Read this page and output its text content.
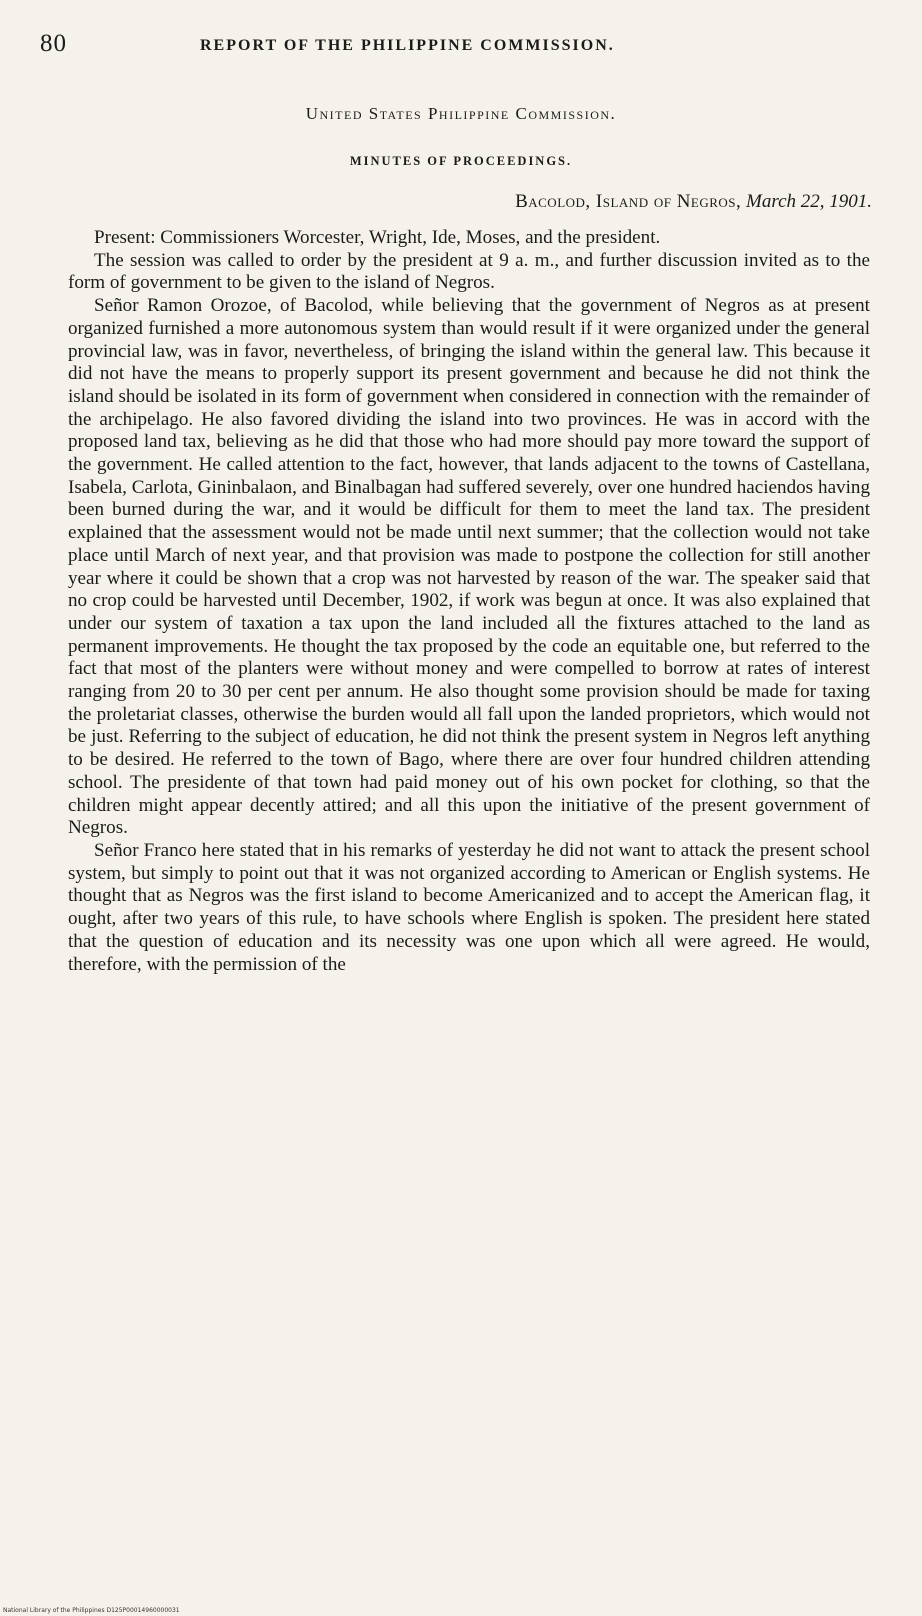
80	REPORT OF THE PHILIPPINE COMMISSION.
United States Philippine Commission.
MINUTES OF PROCEEDINGS.
Bacolod, Island of Negros, March 22, 1901.

Present: Commissioners Worcester, Wright, Ide, Moses, and the president.

The session was called to order by the president at 9 a. m., and further discussion invited as to the form of government to be given to the island of Negros.

Señor Ramon Orozoe, of Bacolod, while believing that the government of Negros as at present organized furnished a more autonomous system than would result if it were organized under the general provincial law, was in favor, nevertheless, of bringing the island within the general law. This because it did not have the means to properly support its present government and because he did not think the island should be isolated in its form of government when considered in connection with the remainder of the archipelago. He also favored dividing the island into two provinces. He was in accord with the proposed land tax, believing as he did that those who had more should pay more toward the support of the government. He called attention to the fact, however, that lands adjacent to the towns of Castellana, Isabela, Carlota, Gininbalaon, and Binalbagan had suffered severely, over one hundred haciendos having been burned during the war, and it would be difficult for them to meet the land tax. The president explained that the assessment would not be made until next summer; that the collection would not take place until March of next year, and that provision was made to postpone the collection for still another year where it could be shown that a crop was not harvested by reason of the war. The speaker said that no crop could be harvested until December, 1902, if work was begun at once. It was also explained that under our system of taxation a tax upon the land included all the fixtures attached to the land as permanent improvements. He thought the tax proposed by the code an equitable one, but referred to the fact that most of the planters were without money and were compelled to borrow at rates of interest ranging from 20 to 30 per cent per annum. He also thought some provision should be made for taxing the proletariat classes, otherwise the burden would all fall upon the landed proprietors, which would not be just. Referring to the subject of education, he did not think the present system in Negros left anything to be desired. He referred to the town of Bago, where there are over four hundred children attending school. The presidente of that town had paid money out of his own pocket for clothing, so that the children might appear decently attired; and all this upon the initiative of the present government of Negros.

Señor Franco here stated that in his remarks of yesterday he did not want to attack the present school system, but simply to point out that it was not organized according to American or English systems. He thought that as Negros was the first island to become Americanized and to accept the American flag, it ought, after two years of this rule, to have schools where English is spoken. The president here stated that the question of education and its necessity was one upon which all were agreed. He would, therefore, with the permission of the

National Library of the Philippines D125P00014960000031
